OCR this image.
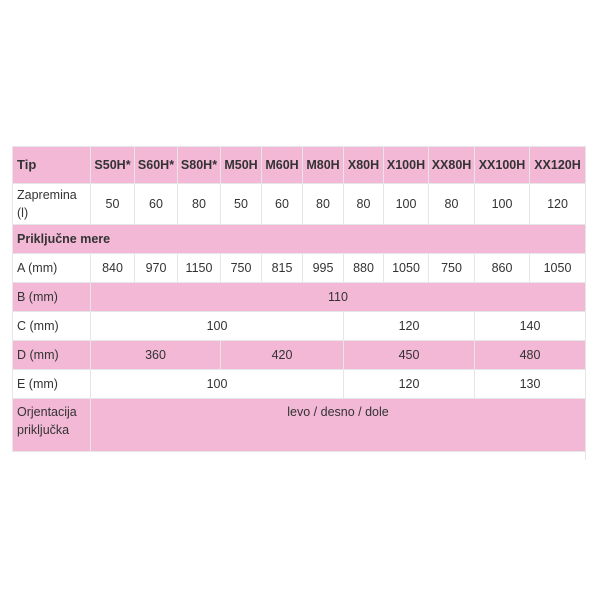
Tip	S50H*	S60H*	S80H*	M50H	M60H	M80H	X80H	X100H	XX80H	XX100H	XX120H
Zapremina
(l)	50	60	80	50	60	80	80	100	80	100	120
Priključne mere											
A (mm)	840	970	1150	750	815	995	880	1050	750	860	1050
B (mm)	110										
C (mm)	100						120			140	
D (mm)	360			420			450			480	
E (mm)	100						120			130	
Orjentacija
priključka	levo / desno / dole										
